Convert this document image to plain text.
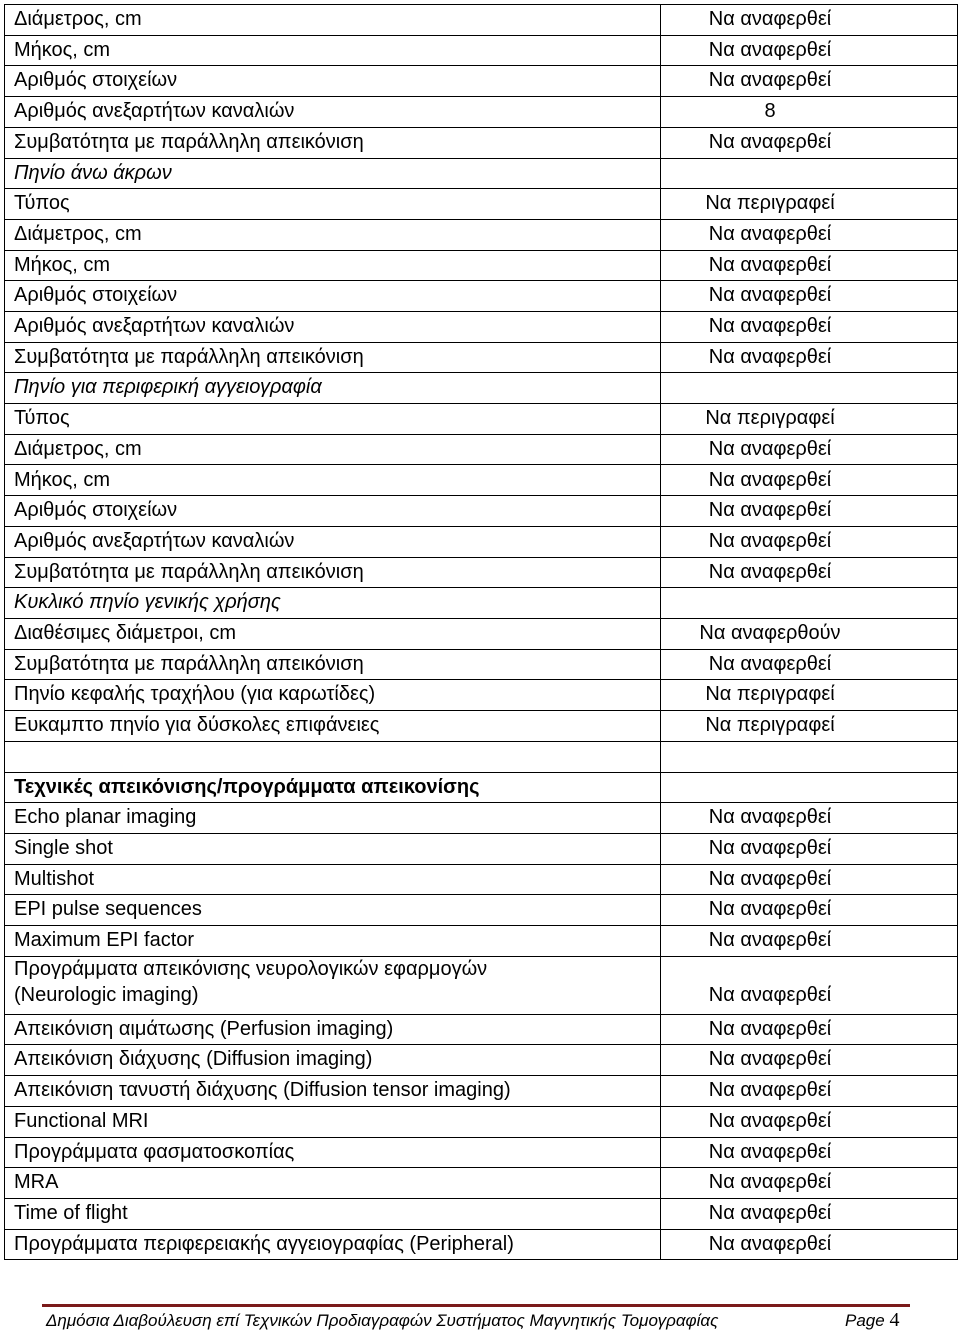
Διάμετρος, cm	Να αναφερθεί
Μήκος, cm	Να αναφερθεί
Αριθμός στοιχείων	Να αναφερθεί
Αριθμός ανεξαρτήτων καναλιών	8
Συμβατότητα με παράλληλη απεικόνιση	Να αναφερθεί
Πηνίο άνω άκρων
Τύπος	Να περιγραφεί
Διάμετρος, cm	Να αναφερθεί
Μήκος, cm	Να αναφερθεί
Αριθμός στοιχείων	Να αναφερθεί
Αριθμός ανεξαρτήτων καναλιών	Να αναφερθεί
Συμβατότητα με παράλληλη απεικόνιση	Να αναφερθεί
Πηνίο για περιφερική αγγειογραφία
Τύπος	Να περιγραφεί
Διάμετρος, cm	Να αναφερθεί
Μήκος, cm	Να αναφερθεί
Αριθμός στοιχείων	Να αναφερθεί
Αριθμός ανεξαρτήτων καναλιών	Να αναφερθεί
Συμβατότητα με παράλληλη απεικόνιση	Να αναφερθεί
Κυκλικό πηνίο γενικής χρήσης
Διαθέσιμες διάμετροι, cm	Να αναφερθούν
Συμβατότητα με παράλληλη απεικόνιση	Να αναφερθεί
Πηνίο κεφαλής τραχήλου (για καρωτίδες)	Να περιγραφεί
Ευκαμπτο πηνίο για δύσκολες επιφάνειες	Να περιγραφεί
Τεχνικές απεικόνισης/προγράμματα απεικονίσης
Echo planar imaging	Να αναφερθεί
Single shot	Να αναφερθεί
Multishot	Να αναφερθεί
EPI pulse sequences	Να αναφερθεί
Maximum EPI factor	Να αναφερθεί
Προγράμματα απεικόνισης νευρολογικών εφαρμογών
(Neurologic imaging)	Να αναφερθεί
Απεικόνιση αιμάτωσης (Perfusion imaging)	Να αναφερθεί
Απεικόνιση διάχυσης (Diffusion imaging)	Να αναφερθεί
Απεικόνιση τανυστή διάχυσης (Diffusion tensor imaging)	Να αναφερθεί
Functional MRI	Να αναφερθεί
Προγράμματα φασματοσκοπίας	Να αναφερθεί
MRA	Να αναφερθεί
Time of flight	Να αναφερθεί
Προγράμματα περιφερειακής αγγειογραφίας (Peripheral)	Να αναφερθεί
Δημόσια Διαβούλευση επί Τεχνικών Προδιαγραφών Συστήματος Μαγνητικής Τομογραφίας	Page 4
